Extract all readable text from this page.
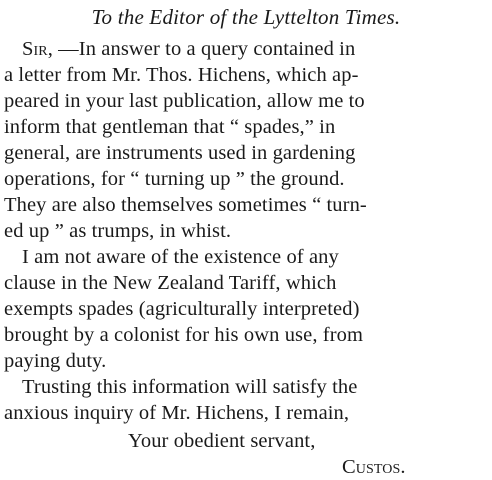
To the Editor of the Lyttelton Times.
Sir, —In answer to a query contained in
a letter from Mr. Thos. Hichens, which ap-
peared in your last publication, allow me to
inform that gentleman that “ spades,” in
general, are instruments used in gardening
operations, for “ turning up ” the ground.
They are also themselves sometimes “ turn-
ed up ” as trumps, in whist.
I am not aware of the existence of any
clause in the New Zealand Tariff, which
exempts spades (agriculturally interpreted)
brought by a colonist for his own use, from
paying duty.
Trusting this information will satisfy the
anxious inquiry of Mr. Hichens, I remain,
Your obedient servant,
Custos.
